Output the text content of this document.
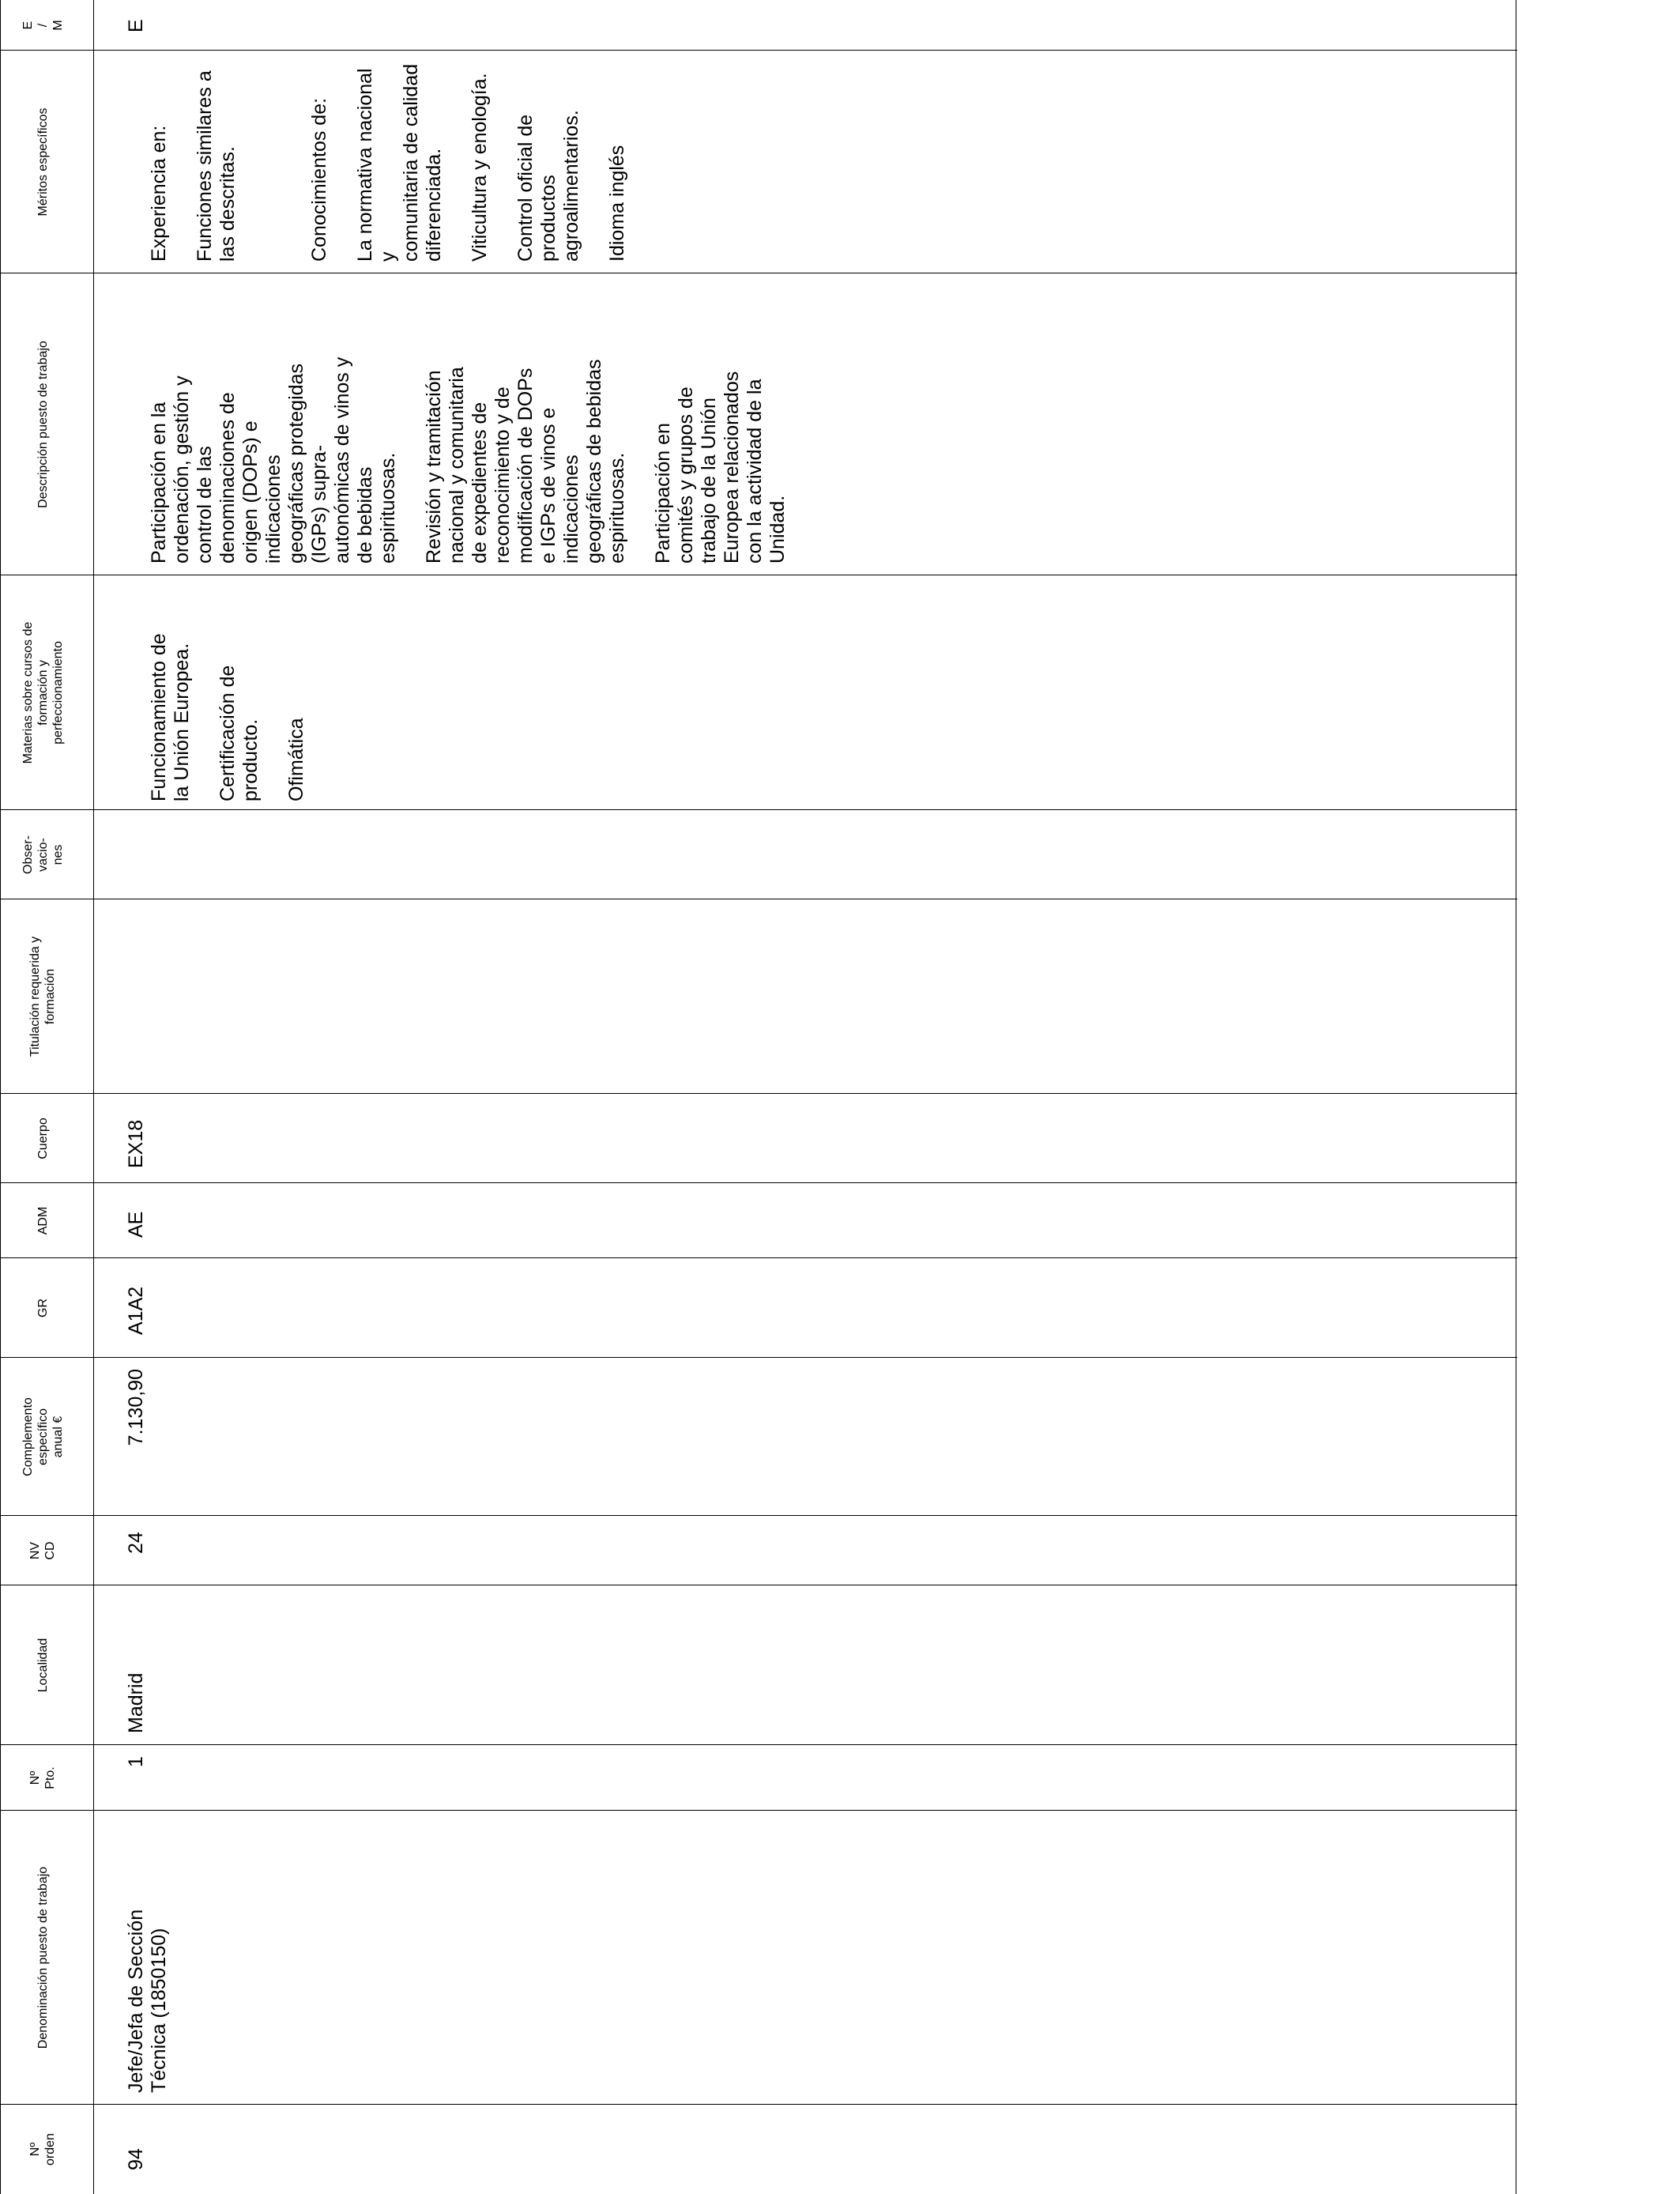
Nº
orden
Denominación puesto de trabajo
Nº
Pto.
Localidad
NV
CD
Complemento
específico
anual €
GR
ADM
Cuerpo
Titulación requerida y
formación
Obser-
vacio-
nes
Materias sobre cursos de
formación y
perfeccionamiento
Descripción puesto de trabajo
Méritos específicos
E
/
M
94
Jefe/Jefa de Sección
Técnica (1850150)
1
Madrid
24
7.130,90
A1A2
AE
EX18

Funcionamiento de
la Unión Europea.

Certificación de
producto. Ofimática

Participación en la
ordenación, gestión y
control de las
denominaciones de
origen (DOPs) e
indicaciones
geográficas protegidas
(IGPs) supra-
autonómicas de vinos y
de bebidas
espirituosas. Revisión y tramitación
nacional y comunitaria
de expedientes de
reconocimiento y de
modificación de DOPs
e IGPs de vinos e
indicaciones
geográficas de bebidas
espirituosas. Participación en
comités y grupos de
trabajo de la Unión
Europea relacionados
con la actividad de la
Unidad.

Experiencia en: Funciones similares a
las descritas.	Conocimientos de: La normativa nacional y
comunitaria de calidad
diferenciada. Viticultura y enología. Control oficial de
productos
agroalimentarios. Idioma inglés

E
